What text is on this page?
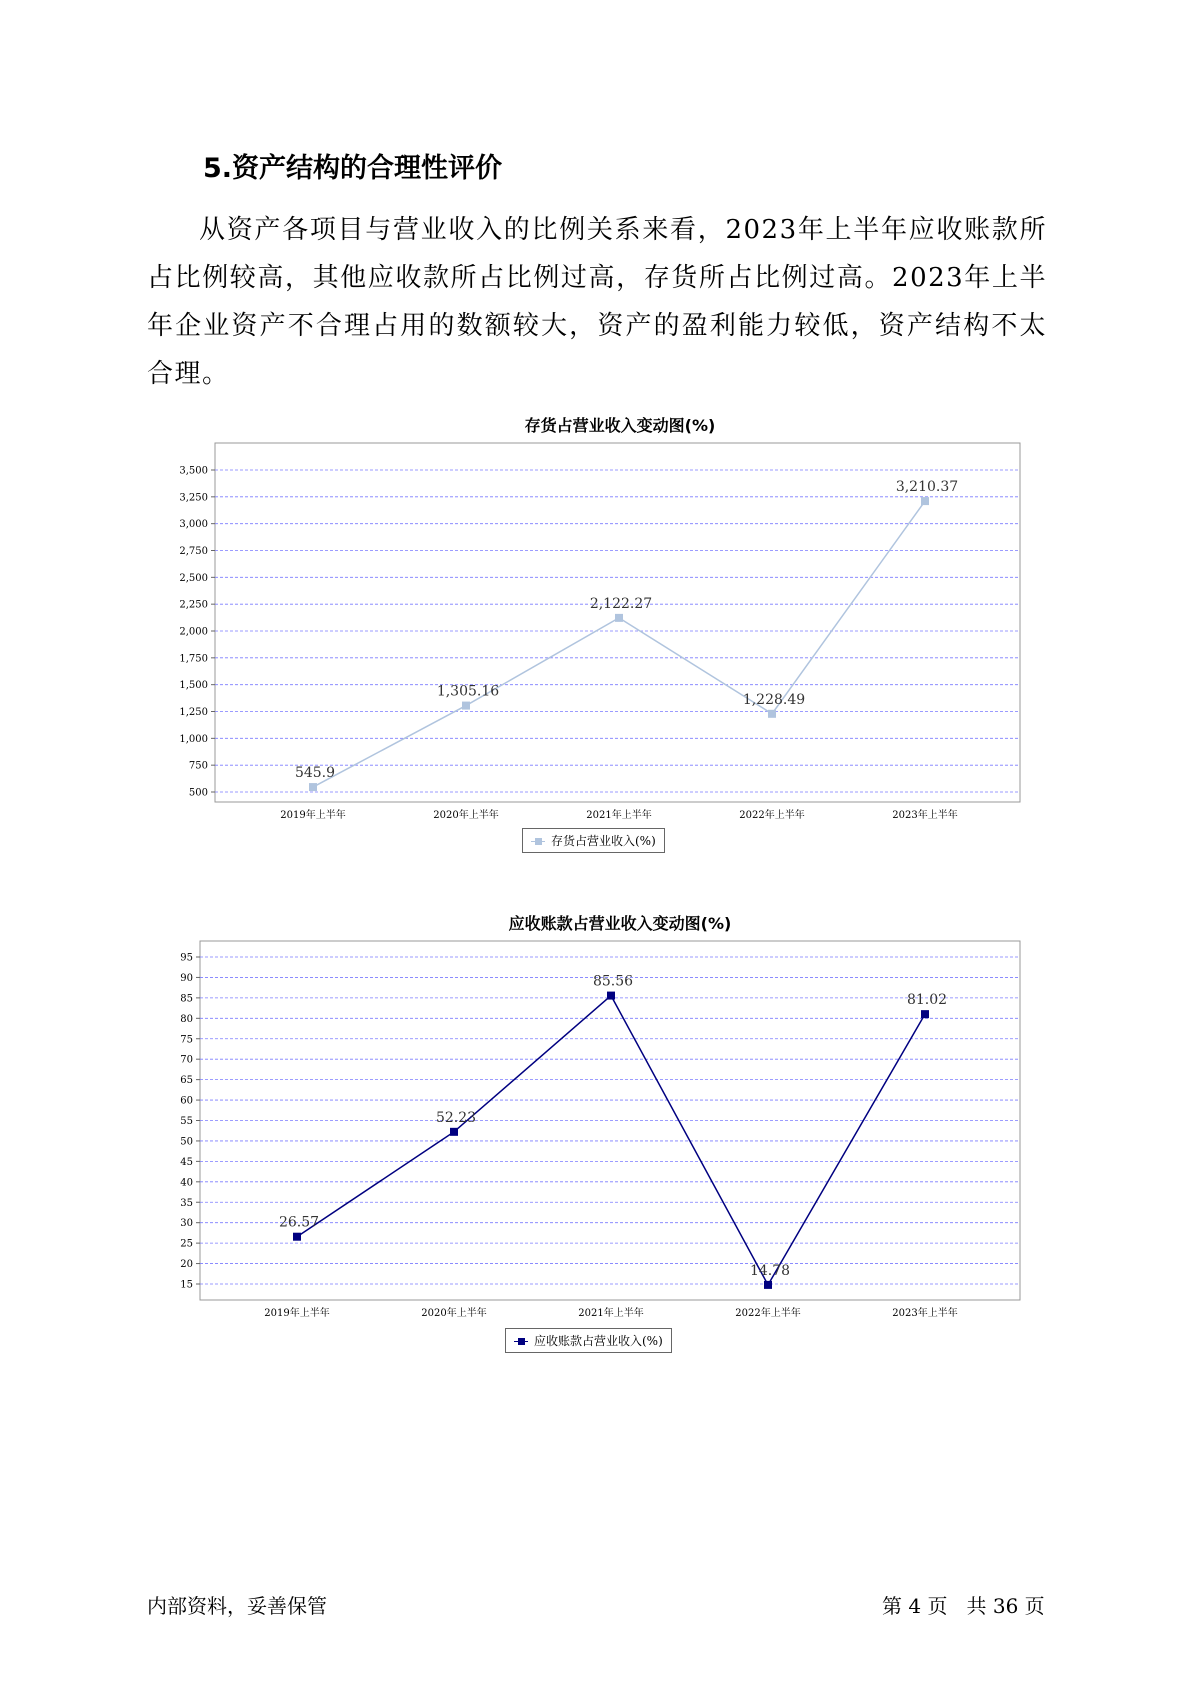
5.资产结构的合理性评价
从资产各项目与营业收入的比例关系来看，2023年上半年应收账款所占比例较高，其他应收款所占比例过高，存货所占比例过高。2023年上半年企业资产不合理占用的数额较大，资产的盈利能力较低，资产结构不太合理。
存货占营业收入变动图(%)
500
750
1,000
1,250
1,500
1,750
2,000
2,250
2,500
2,750
3,000
3,250
3,500
2019年上半年	2020年上半年	2021年上半年	2022年上半年	2023年上半年
545.9
1,305.16
2,122.27
1,228.49
3,210.37
存货占营业收入(%)
应收账款占营业收入变动图(%)
15
20
25
30
35
40
45
50
55
60
65
70
75
80
85
90
95
2019年上半年	2020年上半年	2021年上半年	2022年上半年	2023年上半年
26.57
52.23
85.56
14.78
81.02
应收账款占营业收入(%)
内部资料，妥善保管	第 4 页   共 36 页
